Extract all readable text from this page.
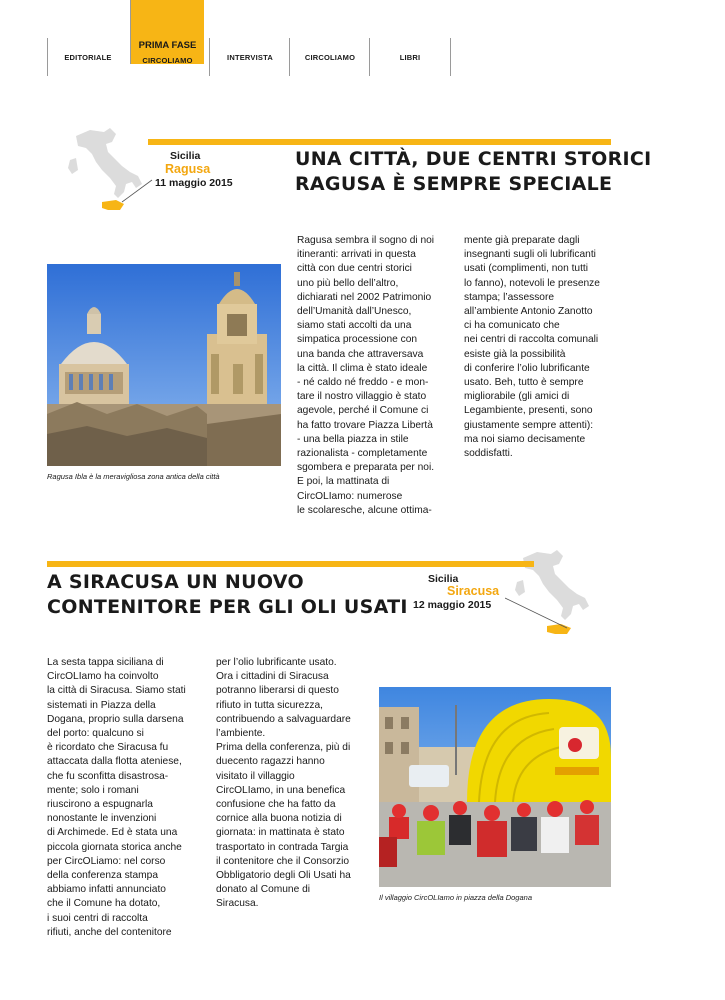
EDITORIALE
PRIMA FASE
CIRCOLIAMO	INTERVISTA	CIRCOLIAMO	LIBRI
Sicilia
Ragusa
11 maggio 2015
UNA CITTÀ, DUE CENTRI STORICI
RAGUSA È SEMPRE SPECIALE
Ragusa Ibla è la meravigliosa zona antica della città
Ragusa sembra il sogno di noi
itineranti: arrivati in questa
città con due centri storici
uno più bello dell’altro,
dichiarati nel 2002 Patrimonio
dell’Umanità dall’Unesco,
siamo stati accolti da una
simpatica processione con
una banda che attraversava
la città. Il clima è stato ideale
- né caldo né freddo - e mon-
tare il nostro villaggio è stato
agevole, perché il Comune ci
ha fatto trovare Piazza Libertà
- una bella piazza in stile
razionalista - completamente
sgombera e preparata per noi.
E poi, la mattinata di
CircOLIamo: numerose
le scolaresche, alcune ottima-
mente già preparate dagli
insegnanti sugli oli lubrificanti
usati (complimenti, non tutti
lo fanno), notevoli le presenze
stampa; l’assessore
all’ambiente Antonio Zanotto
ci ha comunicato che
nei centri di raccolta comunali
esiste già la possibilità
di conferire l’olio lubrificante
usato. Beh, tutto è sempre
migliorabile (gli amici di
Legambiente, presenti, sono
giustamente sempre attenti):
ma noi siamo decisamente
soddisfatti.
A SIRACUSA UN NUOVO
CONTENITORE PER GLI OLI USATI
Sicilia
Siracusa
12 maggio 2015
La sesta tappa siciliana di
CircOLIamo ha coinvolto
la città di Siracusa. Siamo stati
sistemati in Piazza della
Dogana, proprio sulla darsena
del porto: qualcuno si
è ricordato che Siracusa fu
attaccata dalla flotta ateniese,
che fu sconfitta disastrosa-
mente; solo i romani
riuscirono a espugnarla
nonostante le invenzioni
di Archimede. Ed è stata una
piccola giornata storica anche
per CircOLiamo: nel corso
della conferenza stampa
abbiamo infatti annunciato
che il Comune ha dotato,
i suoi centri di raccolta
rifiuti, anche del contenitore
per l’olio lubrificante usato.
Ora i cittadini di Siracusa
potranno liberarsi di questo
rifiuto in tutta sicurezza,
contribuendo a salvaguardare
l’ambiente.
Prima della conferenza, più di
duecento ragazzi hanno
visitato il villaggio
CircOLIamo, in una benefica
confusione che ha fatto da
cornice alla buona notizia di
giornata: in mattinata è stato
trasportato in contrada Targia
il contenitore che il Consorzio
Obbligatorio degli Oli Usati ha
donato al Comune di
Siracusa.
Il villaggio CircOLIamo in piazza della Dogana
